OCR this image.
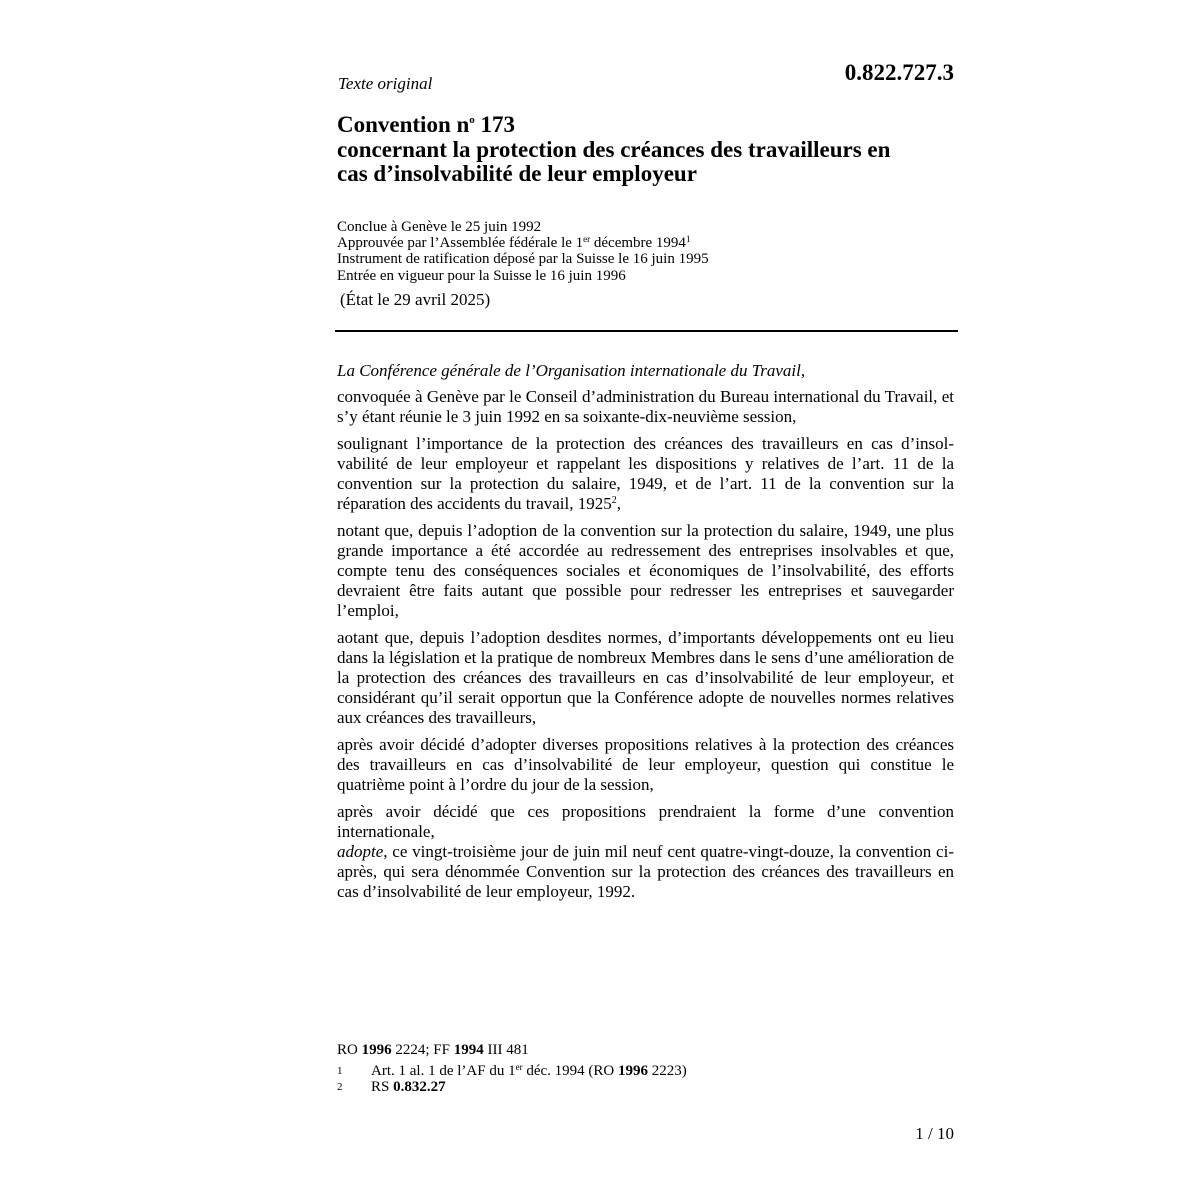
Texte original	0.822.727.3
Convention $n^o$ 173
concernant la protection des créances des travailleurs en
cas d’insolvabilité de leur employeur
Conclue à Genève le 25 juin 1992
Approuvée par l’Assemblée fédérale le 1er décembre 1994$^1$
Instrument de ratification déposé par la Suisse le 16 juin 1995
Entrée en vigueur pour la Suisse le 16 juin 1996
(État le 29 avril 2025)

La Conférence générale de l’Organisation internationale du Travail,

convoquée à Genève par le Conseil d’administration du Bureau international du Travail, et s’y étant réunie le 3 juin 1992 en sa soixante-dix-neuvième session,

soulignant l’importance de la protection des créances des travailleurs en cas d’insolvabilité de leur employeur et rappelant les dispositions y relatives de l’art. 11 de la convention sur la protection du salaire, 1949, et de l’art. 11 de la convention sur la réparation des accidents du travail, 1925$^2$,

notant que, depuis l’adoption de la convention sur la protection du salaire, 1949, une plus grande importance a été accordée au redressement des entreprises insolvables et que, compte tenu des conséquences sociales et économiques de l’insolvabilité, des efforts devraient être faits autant que possible pour redresser les entreprises et sauvegarder l’emploi,

aotant que, depuis l’adoption desdites normes, d’importants développements ont eu lieu dans la législation et la pratique de nombreux Membres dans le sens d’une amélioration de la protection des créances des travailleurs en cas d’insolvabilité de leur employeur, et considérant qu’il serait opportun que la Conférence adopte de nouvelles normes relatives aux créances des travailleurs,

après avoir décidé d’adopter diverses propositions relatives à la protection des créances des travailleurs en cas d’insolvabilité de leur employeur, question qui constitue le quatrième point à l’ordre du jour de la session,

après avoir décidé que ces propositions prendraient la forme d’une convention internationale,

adopte, ce vingt-troisième jour de juin mil neuf cent quatre-vingt-douze, la convention ci-après, qui sera dénommée Convention sur la protection des créances des travailleurs en cas d’insolvabilité de leur employeur, 1992.

RO 1996 2224; FF 1994 III 481
1	Art. 1 al. 1 de l’AF du 1er déc. 1994 (RO 1996 2223)
2	RS 0.832.27
1 / 10
